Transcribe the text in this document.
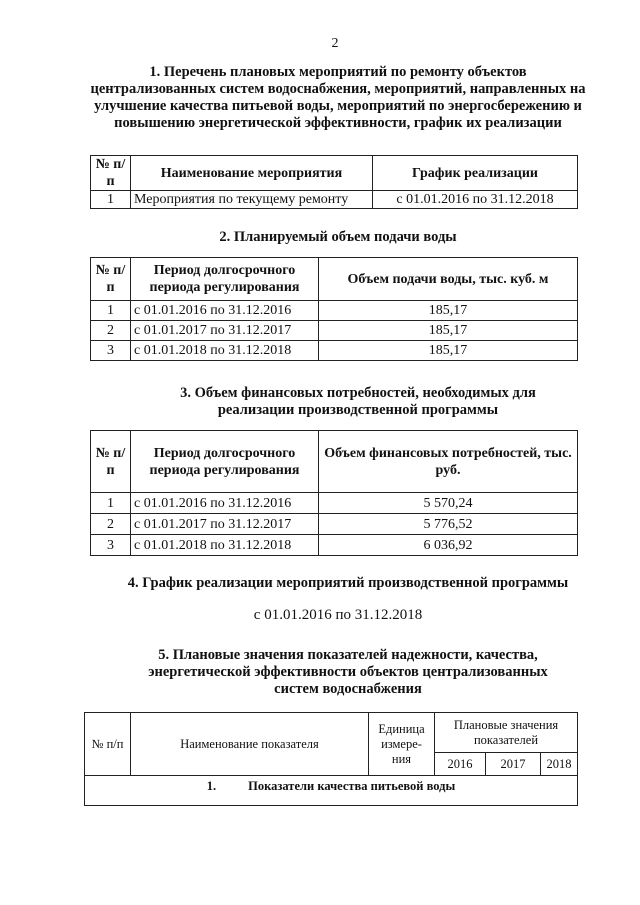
2
1. Перечень плановых мероприятий по ремонту объектов
централизованных систем водоснабжения, мероприятий, направленных на
улучшение качества питьевой воды, мероприятий по энергосбережению и
повышению энергетической эффективности, график их реализации
№ п/п	Наименование мероприятия	График реализации
1	Мероприятия по текущему ремонту	с 01.01.2016 по 31.12.2018
2. Планируемый объем подачи воды
№ п/п	Период долгосрочного периода регулирования	Объем подачи воды, тыс. куб. м
1	с 01.01.2016 по 31.12.2016	185,17
2	с 01.01.2017 по 31.12.2017	185,17
3	с 01.01.2018 по 31.12.2018	185,17
3. Объем финансовых потребностей, необходимых для
реализации производственной программы
№ п/п	Период долгосрочного периода регулирования	Объем финансовых потребностей, тыс. руб.
1	с 01.01.2016 по 31.12.2016	5 570,24
2	с 01.01.2017 по 31.12.2017	5 776,52
3	с 01.01.2018 по 31.12.2018	6 036,92
4. График реализации мероприятий производственной программы
с 01.01.2016 по 31.12.2018
5. Плановые значения показателей надежности, качества,
энергетической эффективности объектов централизованных
систем водоснабжения
№ п/п	Наименование показателя	Единица измере-ния	Плановые значения показателей		
			2016	2017	2018
1. Показатели качества питьевой воды					
